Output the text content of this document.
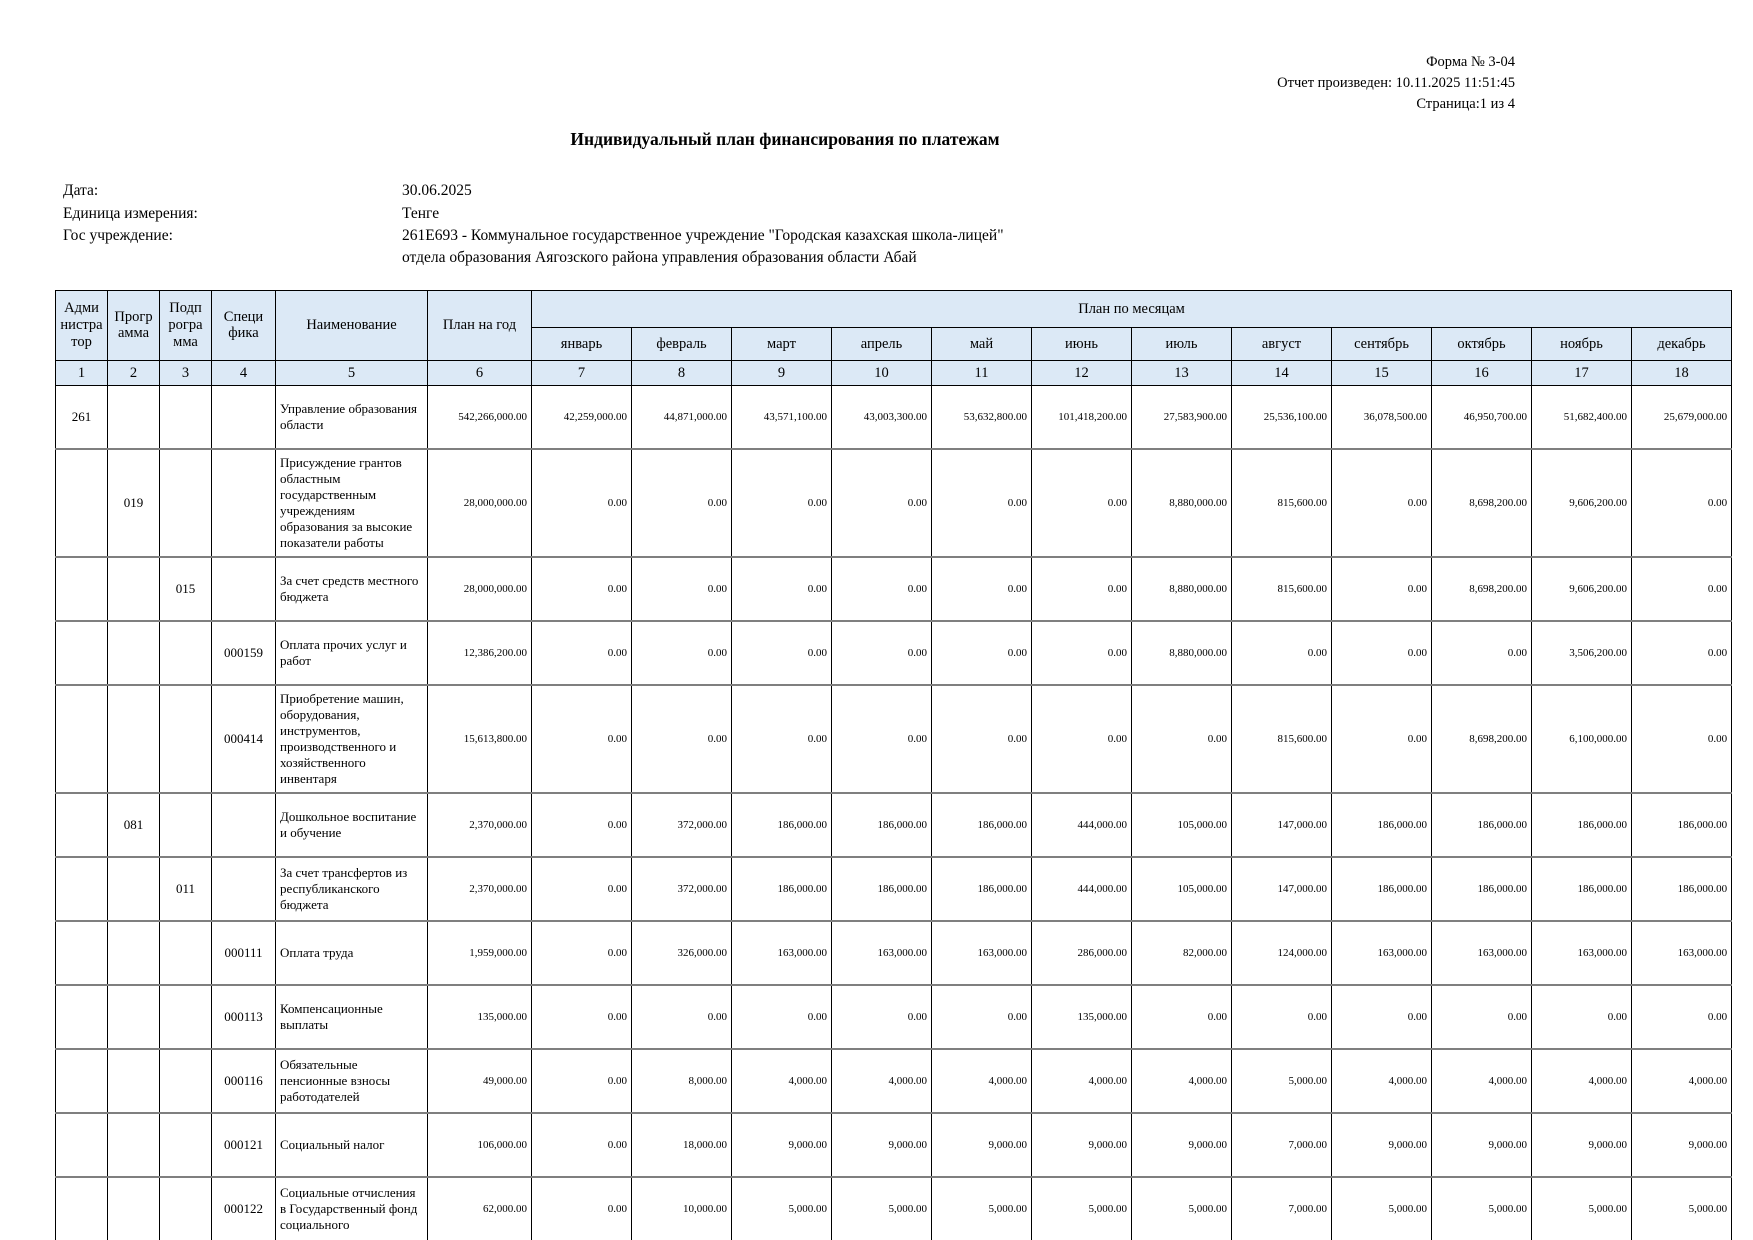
Форма № 3-04
Отчет произведен: 10.11.2025 11:51:45
Страница:1 из 4
Индивидуальный план финансирования по платежам
Дата:	30.06.2025
Единица измерения:	Тенге
Гос учреждение:	261E693 - Коммунальное государственное учреждение "Городская казахская школа-лицей" отдела образования Аягозского района управления образования области Абай
Адми нистра тор	Прогр амма	Подп рогра мма	Специ фика	Наименование	План на год	План по месяцам											
						январь	февраль	март	апрель	май	июнь	июль	август	сентябрь	октябрь	ноябрь	декабрь
1	2	3	4	5	6	7	8	9	10	11	12	13	14	15	16	17	18
261				Управление образования области	542,266,000.00	42,259,000.00	44,871,000.00	43,571,100.00	43,003,300.00	53,632,800.00	101,418,200.00	27,583,900.00	25,536,100.00	36,078,500.00	46,950,700.00	51,682,400.00	25,679,000.00
	019			Присуждение грантов областным государственным учреждениям образования за высокие показатели работы	28,000,000.00	0.00	0.00	0.00	0.00	0.00	0.00	8,880,000.00	815,600.00	0.00	8,698,200.00	9,606,200.00	0.00
		015		За счет средств местного бюджета	28,000,000.00	0.00	0.00	0.00	0.00	0.00	0.00	8,880,000.00	815,600.00	0.00	8,698,200.00	9,606,200.00	0.00
			000159	Оплата прочих услуг и работ	12,386,200.00	0.00	0.00	0.00	0.00	0.00	0.00	8,880,000.00	0.00	0.00	0.00	3,506,200.00	0.00
			000414	Приобретение машин, оборудования, инструментов, производственного и хозяйственного инвентаря	15,613,800.00	0.00	0.00	0.00	0.00	0.00	0.00	0.00	815,600.00	0.00	8,698,200.00	6,100,000.00	0.00
	081			Дошкольное воспитание и обучение	2,370,000.00	0.00	372,000.00	186,000.00	186,000.00	186,000.00	444,000.00	105,000.00	147,000.00	186,000.00	186,000.00	186,000.00	186,000.00
		011		За счет трансфертов из республиканского бюджета	2,370,000.00	0.00	372,000.00	186,000.00	186,000.00	186,000.00	444,000.00	105,000.00	147,000.00	186,000.00	186,000.00	186,000.00	186,000.00
			000111	Оплата труда	1,959,000.00	0.00	326,000.00	163,000.00	163,000.00	163,000.00	286,000.00	82,000.00	124,000.00	163,000.00	163,000.00	163,000.00	163,000.00
			000113	Компенсационные выплаты	135,000.00	0.00	0.00	0.00	0.00	0.00	135,000.00	0.00	0.00	0.00	0.00	0.00	0.00
			000116	Обязательные пенсионные взносы работодателей	49,000.00	0.00	8,000.00	4,000.00	4,000.00	4,000.00	4,000.00	4,000.00	5,000.00	4,000.00	4,000.00	4,000.00	4,000.00
			000121	Социальный налог	106,000.00	0.00	18,000.00	9,000.00	9,000.00	9,000.00	9,000.00	9,000.00	7,000.00	9,000.00	9,000.00	9,000.00	9,000.00
			000122	Социальные отчисления в Государственный фонд социального	62,000.00	0.00	10,000.00	5,000.00	5,000.00	5,000.00	5,000.00	5,000.00	7,000.00	5,000.00	5,000.00	5,000.00	5,000.00
